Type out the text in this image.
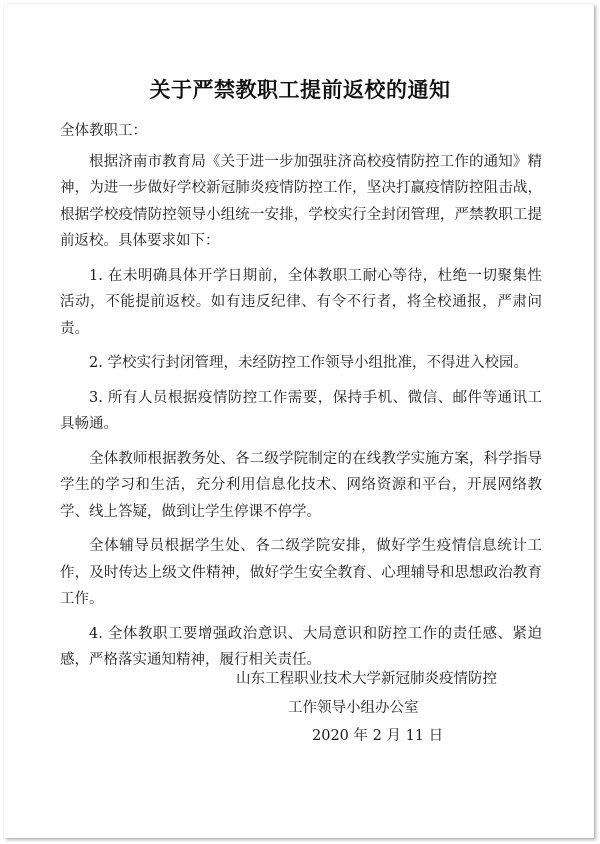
关于严禁教职工提前返校的通知

全体教职工：

根据济南市教育局《关于进一步加强驻济高校疫情防控工作的通知》精神，为进一步做好学校新冠肺炎疫情防控工作，坚决打赢疫情防控阻击战，根据学校疫情防控领导小组统一安排，学校实行全封闭管理，严禁教职工提前返校。具体要求如下：

1. 在未明确具体开学日期前，全体教职工耐心等待，杜绝一切聚集性活动，不能提前返校。如有违反纪律、有令不行者，将全校通报，严肃问责。

2. 学校实行封闭管理，未经防控工作领导小组批准，不得进入校园。

3. 所有人员根据疫情防控工作需要，保持手机、微信、邮件等通讯工具畅通。

全体教师根据教务处、各二级学院制定的在线教学实施方案，科学指导学生的学习和生活，充分利用信息化技术、网络资源和平台，开展网络教学、线上答疑，做到让学生停课不停学。

全体辅导员根据学生处、各二级学院安排，做好学生疫情信息统计工作，及时传达上级文件精神，做好学生安全教育、心理辅导和思想政治教育工作。

4. 全体教职工要增强政治意识、大局意识和防控工作的责任感、紧迫感，严格落实通知精神，履行相关责任。

山东工程职业技术大学新冠肺炎疫情防控
工作领导小组办公室
2020 年 2 月 11 日
